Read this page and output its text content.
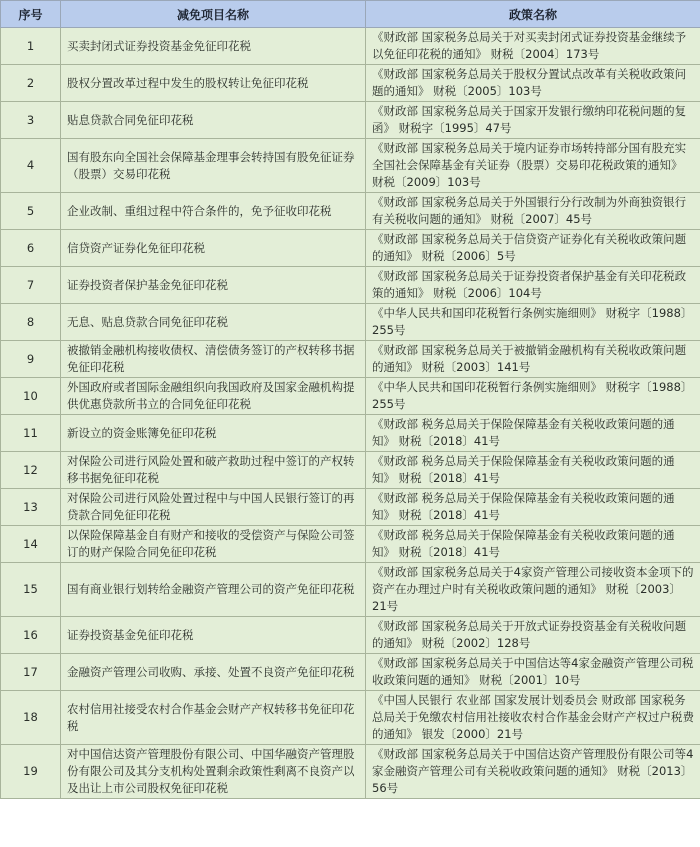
序号	减免项目名称	政策名称
1	买卖封闭式证券投资基金免征印花税	《财政部 国家税务总局关于对买卖封闭式证券投资基金继续予以免征印花税的通知》 财税〔2004〕173号
2	股权分置改革过程中发生的股权转让免征印花税	《财政部 国家税务总局关于股权分置试点改革有关税收政策问题的通知》 财税〔2005〕103号
3	贴息贷款合同免征印花税	《财政部 国家税务总局关于国家开发银行缴纳印花税问题的复函》 财税字〔1995〕47号
4	国有股东向全国社会保障基金理事会转持国有股免征证券（股票）交易印花税	《财政部 国家税务总局关于境内证券市场转持部分国有股充实全国社会保障基金有关证券（股票）交易印花税政策的通知》 财税〔2009〕103号
5	企业改制、重组过程中符合条件的，免予征收印花税	《财政部 国家税务总局关于外国银行分行改制为外商独资银行有关税收问题的通知》 财税〔2007〕45号
6	信贷资产证券化免征印花税	《财政部 国家税务总局关于信贷资产证券化有关税收政策问题的通知》 财税〔2006〕5号
7	证券投资者保护基金免征印花税	《财政部 国家税务总局关于证券投资者保护基金有关印花税政策的通知》 财税〔2006〕104号
8	无息、贴息贷款合同免征印花税	《中华人民共和国印花税暂行条例实施细则》 财税字〔1988〕255号
9	被撤销金融机构接收债权、清偿债务签订的产权转移书据免征印花税	《财政部 国家税务总局关于被撤销金融机构有关税收政策问题的通知》 财税〔2003〕141号
10	外国政府或者国际金融组织向我国政府及国家金融机构提供优惠贷款所书立的合同免征印花税	《中华人民共和国印花税暂行条例实施细则》 财税字〔1988〕255号
11	新设立的资金账簿免征印花税	《财政部 税务总局关于保险保障基金有关税收政策问题的通知》 财税〔2018〕41号
12	对保险公司进行风险处置和破产救助过程中签订的产权转移书据免征印花税	《财政部 税务总局关于保险保障基金有关税收政策问题的通知》 财税〔2018〕41号
13	对保险公司进行风险处置过程中与中国人民银行签订的再贷款合同免征印花税	《财政部 税务总局关于保险保障基金有关税收政策问题的通知》 财税〔2018〕41号
14	以保险保障基金自有财产和接收的受偿资产与保险公司签订的财产保险合同免征印花税	《财政部 税务总局关于保险保障基金有关税收政策问题的通知》 财税〔2018〕41号
15	国有商业银行划转给金融资产管理公司的资产免征印花税	《财政部 国家税务总局关于4家资产管理公司接收资本金项下的资产在办理过户时有关税收政策问题的通知》 财税〔2003〕21号
16	证券投资基金免征印花税	《财政部 国家税务总局关于开放式证券投资基金有关税收问题的通知》 财税〔2002〕128号
17	金融资产管理公司收购、承接、处置不良资产免征印花税	《财政部 国家税务总局关于中国信达等4家金融资产管理公司税收政策问题的通知》 财税〔2001〕10号
18	农村信用社接受农村合作基金会财产产权转移书免征印花税	《中国人民银行 农业部 国家发展计划委员会 财政部 国家税务总局关于免缴农村信用社接收农村合作基金会财产产权过户税费的通知》 银发〔2000〕21号
19	对中国信达资产管理股份有限公司、中国华融资产管理股份有限公司及其分支机构处置剩余政策性剩离不良资产以及出让上市公司股权免征印花税	《财政部 国家税务总局关于中国信达资产管理股份有限公司等4家金融资产管理公司有关税收政策问题的通知》 财税〔2013〕56号
